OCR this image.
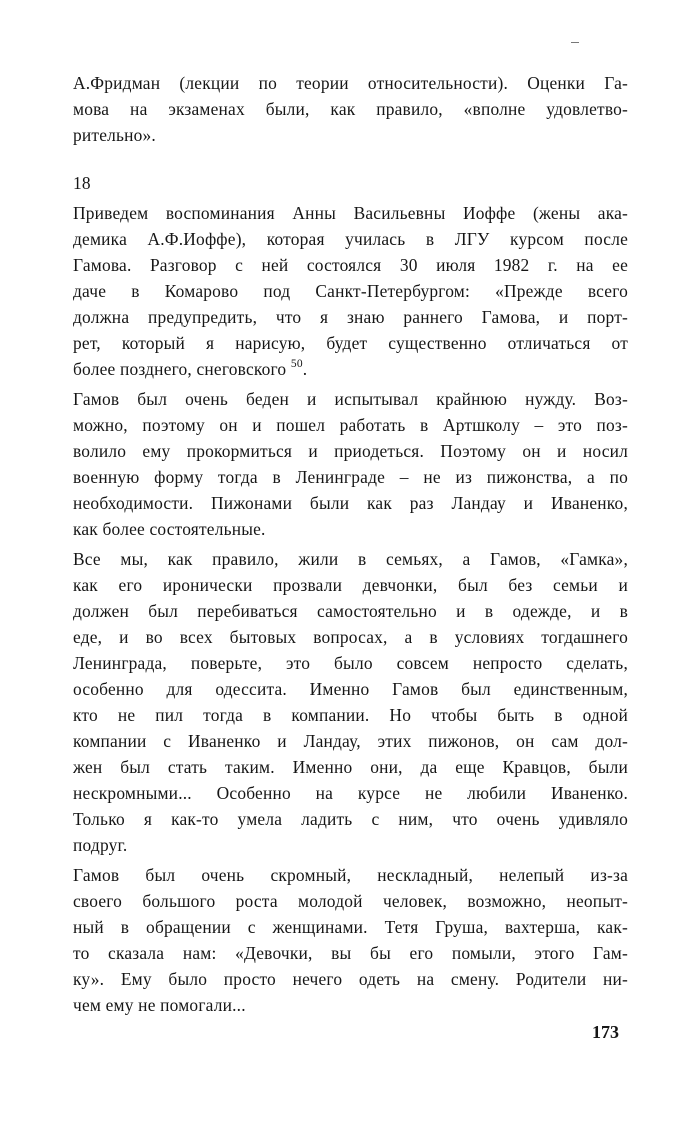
А.Фридман (лекции по теории относительности). Оценки Га-
мова на экзаменах были, как правило, «вполне удовлетво-
рительно».
18
Приведем воспоминания Анны Васильевны Иоффе (жены ака-
демика А.Ф.Иоффе), которая училась в ЛГУ курсом после
Гамова. Разговор с ней состоялся 30 июля 1982 г. на ее
даче в Комарово под Санкт-Петербургом: «Прежде всего
должна предупредить, что я знаю раннего Гамова, и порт-
рет, который я нарисую, будет существенно отличаться от
более позднего, снеговского $^{50}$.
Гамов был очень беден и испытывал крайнюю нужду. Воз-
можно, поэтому он и пошел работать в Артшколу – это поз-
волило ему прокормиться и приодеться. Поэтому он и носил
военную форму тогда в Ленинграде – не из пижонства, а по
необходимости. Пижонами были как раз Ландау и Иваненко,
как более состоятельные.
Все мы, как правило, жили в семьях, а Гамов, «Гамка»,
как его иронически прозвали девчонки, был без семьи и
должен был перебиваться самостоятельно и в одежде, и в
еде, и во всех бытовых вопросах, а в условиях тогдашнего
Ленинграда, поверьте, это было совсем непросто сделать,
особенно для одессита. Именно Гамов был единственным,
кто не пил тогда в компании. Но чтобы быть в одной
компании с Иваненко и Ландау, этих пижонов, он сам дол-
жен был стать таким. Именно они, да еще Кравцов, были
нескромными... Особенно на курсе не любили Иваненко.
Только я как-то умела ладить с ним, что очень удивляло
подруг.
Гамов был очень скромный, нескладный, нелепый из-за
своего большого роста молодой человек, возможно, неопыт-
ный в обращении с женщинами. Тетя Груша, вахтерша, как-
то сказала нам: «Девочки, вы бы его помыли, этого Гам-
ку». Ему было просто нечего одеть на смену. Родители ни-
чем ему не помогали...
173
